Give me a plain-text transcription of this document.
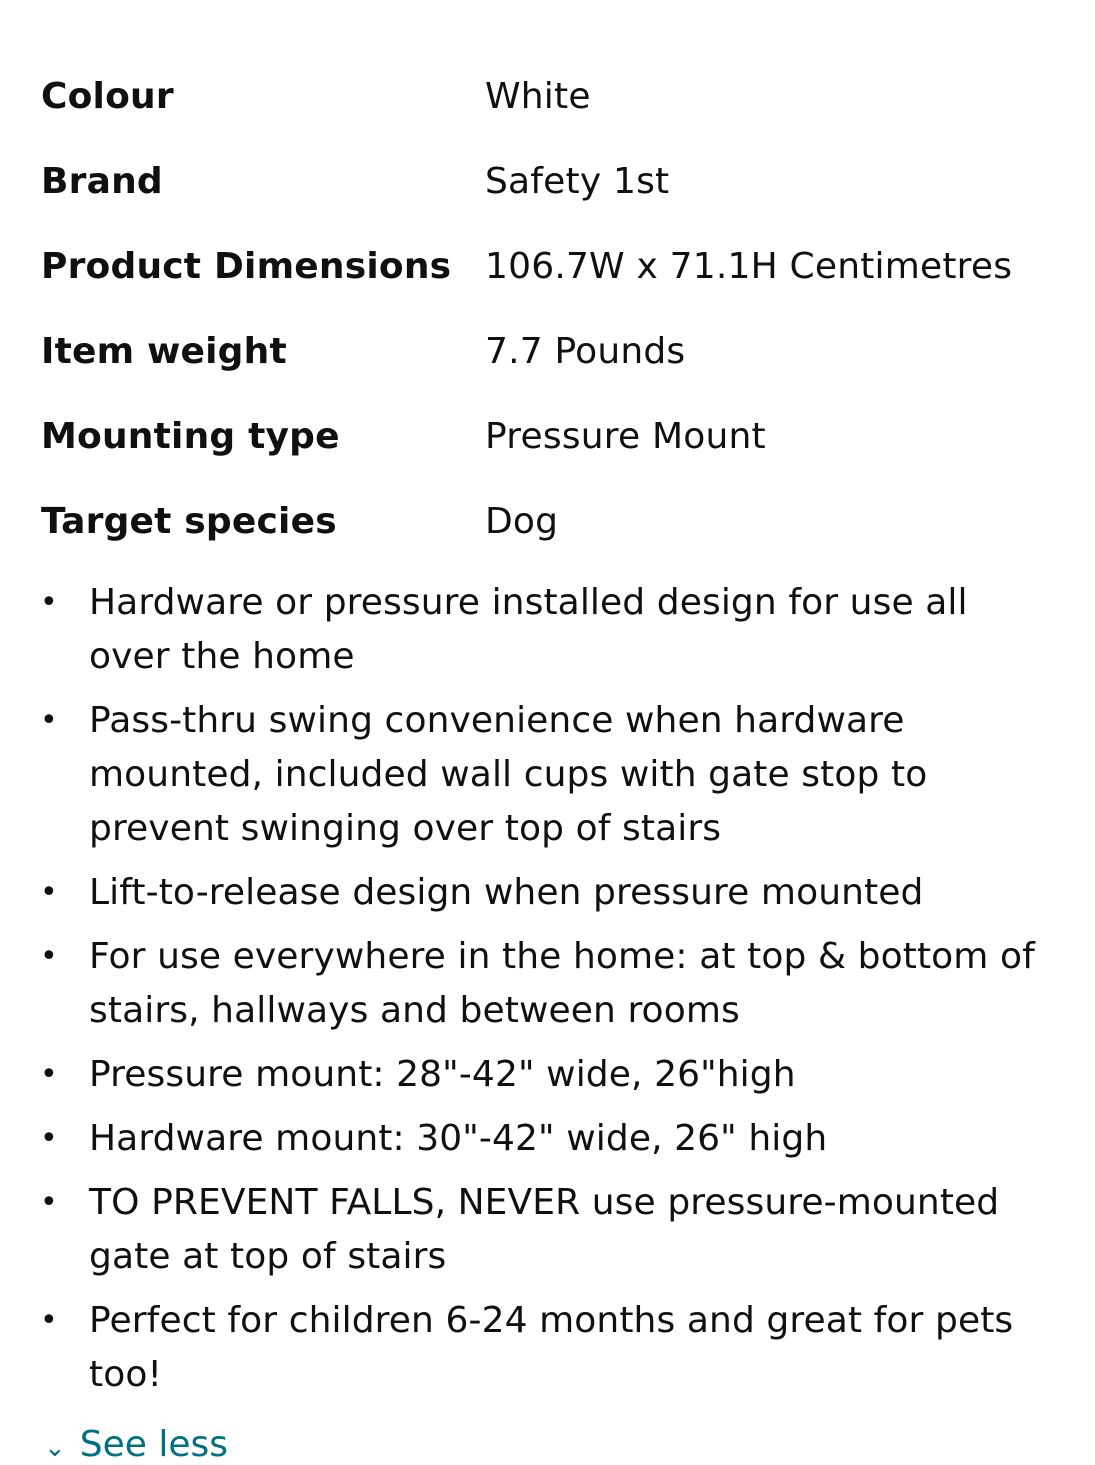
Colour	White
Brand	Safety 1st
Product Dimensions 106.7W x 71.1H Centimetres
Item weight	7.7 Pounds
Mounting type	Pressure Mount
Target species	Dog
• Hardware or pressure installed design for use all over the home
• Pass-thru swing convenience when hardware mounted, included wall cups with gate stop to prevent swinging over top of stairs
• Lift-to-release design when pressure mounted
• For use everywhere in the home: at top & bottom of stairs, hallways and between rooms
• Pressure mount: 28"-42" wide, 26"high
• Hardware mount: 30"-42" wide, 26" high
• TO PREVENT FALLS, NEVER use pressure-mounted gate at top of stairs
• Perfect for children 6-24 months and great for pets too!
⌄ See less
